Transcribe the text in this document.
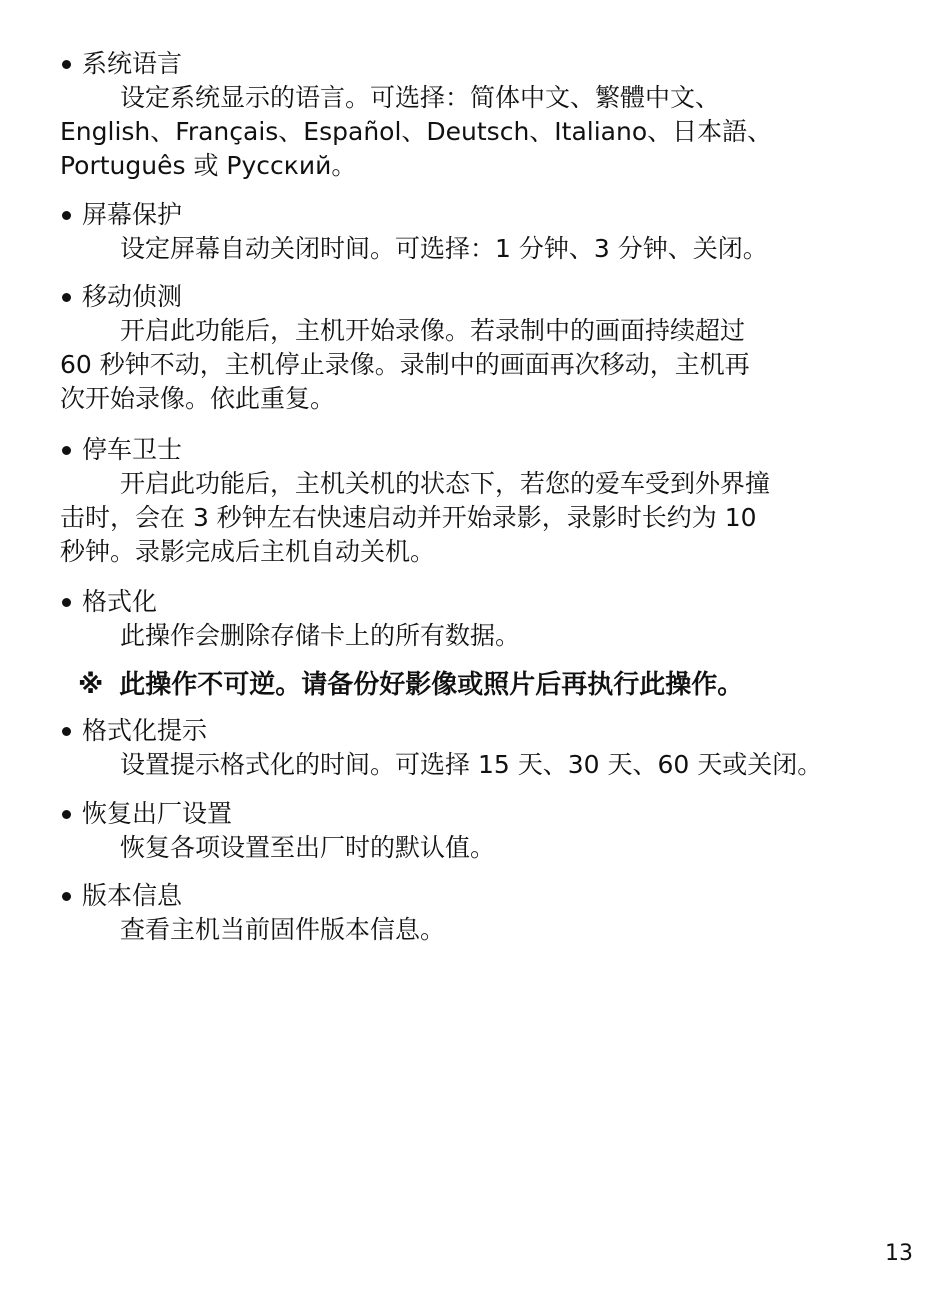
系统语言

设定系统显示的语言。可选择：简体中文、繁體中文、
English、Français、Español、Deutsch、Italiano、日本語、
Português 或 Русский。

屏幕保护

设定屏幕自动关闭时间。可选择：1 分钟、3 分钟、关闭。

移动侦测

开启此功能后，主机开始录像。若录制中的画面持续超过
60 秒钟不动，主机停止录像。录制中的画面再次移动，主机再
次开始录像。依此重复。

停车卫士

开启此功能后，主机关机的状态下，若您的爱车受到外界撞
击时，会在 3 秒钟左右快速启动并开始录影，录影时长约为 10
秒钟。录影完成后主机自动关机。

格式化

此操作会删除存储卡上的所有数据。

※ 此操作不可逆。请备份好影像或照片后再执行此操作。
格式化提示

设置提示格式化的时间。可选择 15 天、30 天、60 天或关闭。

恢复出厂设置

恢复各项设置至出厂时的默认值。

版本信息

查看主机当前固件版本信息。

13
